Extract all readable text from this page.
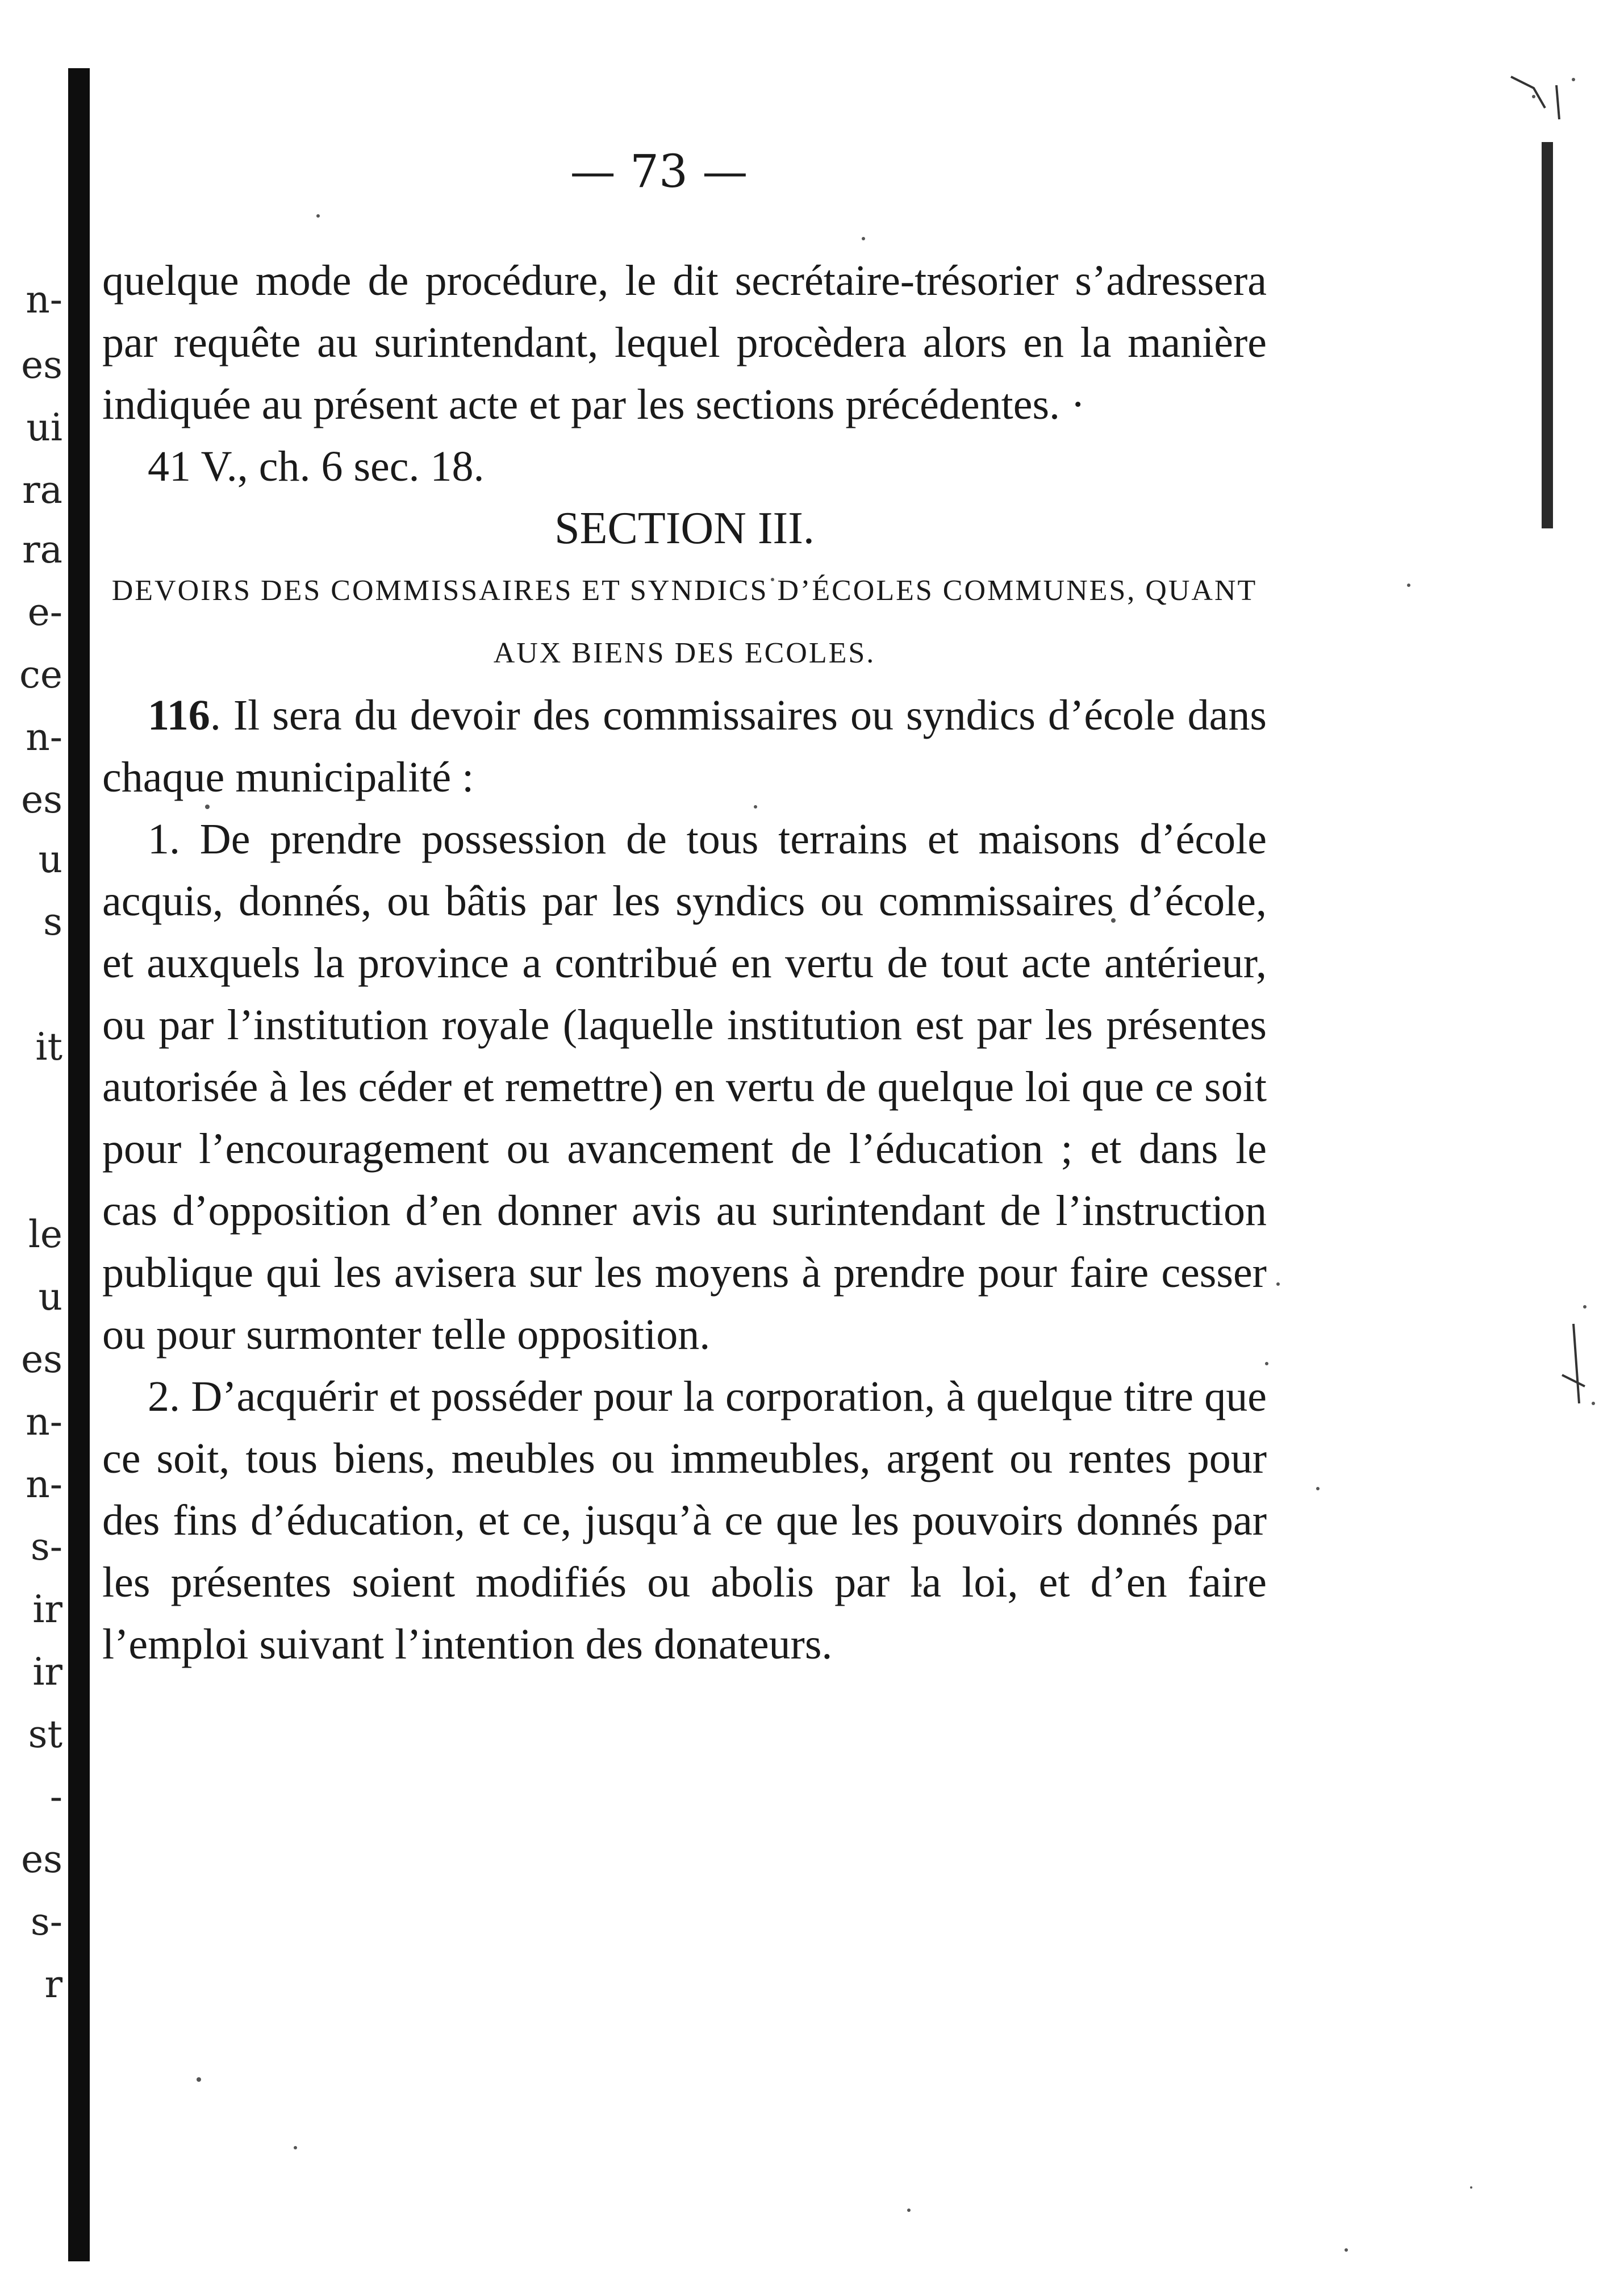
n-
es
ui
ra
ra
e-
ce
n-
es
u
s
it
le
u
es
n-
n-
s-
ir
ir
st
-
es
s-
r
— 73 —

quelque mode de procédure, le dit secrétaire-trésorier s’adressera par requête au surintendant, lequel procèdera alors en la manière indiquée au présent acte et par les sections précédentes. ·

41 V., ch. 6 sec. 18.

SECTION III.

DEVOIRS DES COMMISSAIRES ET SYNDICS D’ÉCOLES COMMUNES, QUANT AUX BIENS DES ECOLES.

116. Il sera du devoir des commissaires ou syndics d’école dans chaque municipalité :

1. De prendre possession de tous terrains et maisons d’école acquis, donnés, ou bâtis par les syndics ou commissaires d’école, et auxquels la province a contribué en vertu de tout acte antérieur, ou par l’institution royale (laquelle institution est par les présentes autorisée à les céder et remettre) en vertu de quelque loi que ce soit pour l’encouragement ou avancement de l’éducation ; et dans le cas d’opposition d’en donner avis au surintendant de l’instruction publique qui les avisera sur les moyens à prendre pour faire cesser ou pour surmonter telle opposition.

2. D’acquérir et posséder pour la corporation, à quelque titre que ce soit, tous biens, meubles ou immeubles, argent ou rentes pour des fins d’éducation, et ce, jusqu’à ce que les pouvoirs donnés par les présentes soient modifiés ou abolis par la loi, et d’en faire l’emploi suivant l’intention des donateurs.
